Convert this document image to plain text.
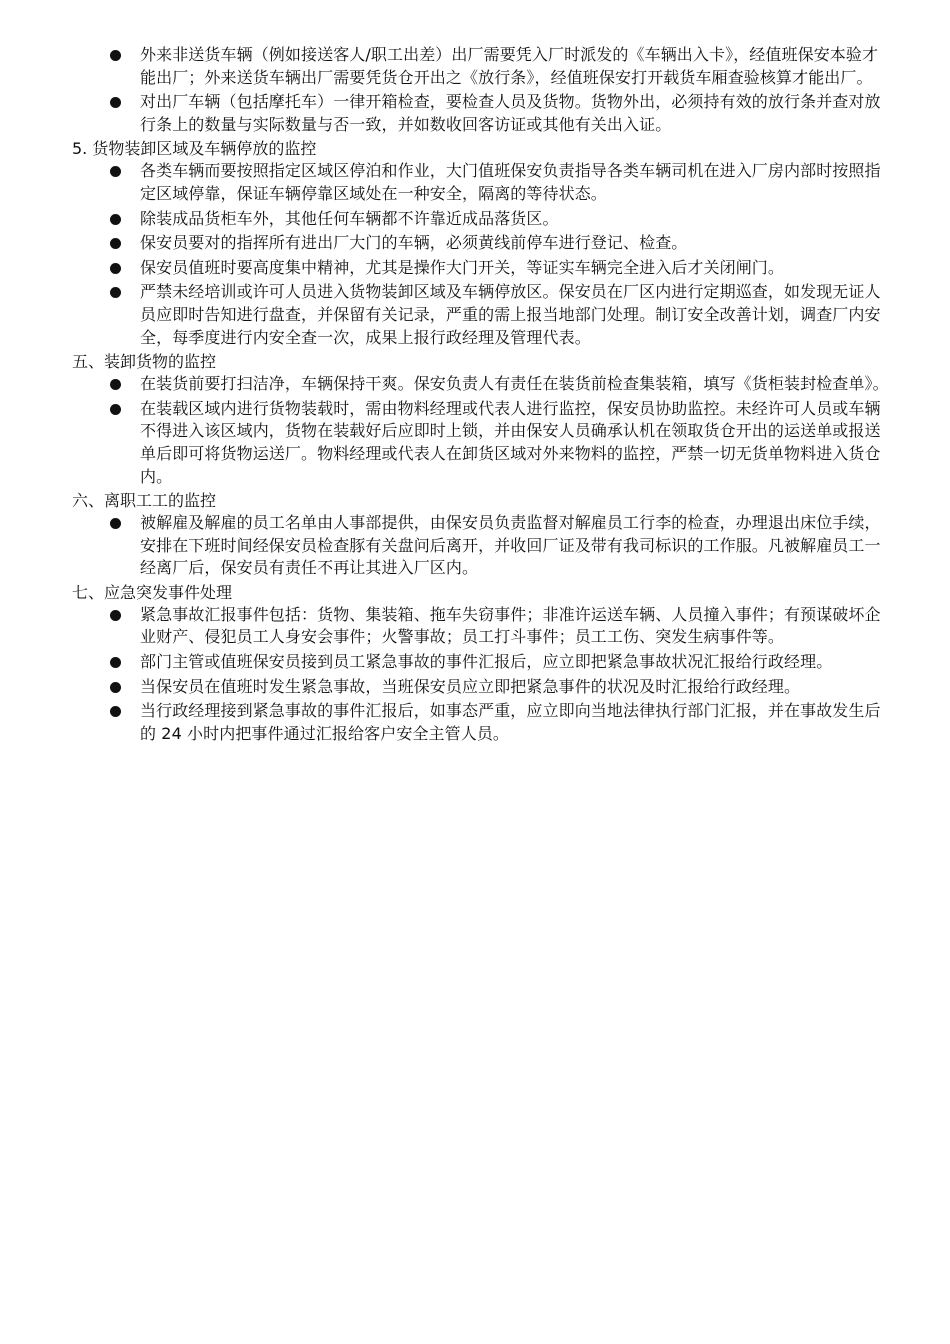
外来非送货车辆（例如接送客人/职工出差）出厂需要凭入厂时派发的《车辆出入卡》，经值班保安本验才能出厂；外来送货车辆出厂需要凭货仓开出之《放行条》，经值班保安打开载货车厢查验核算才能出厂。
对出厂车辆（包括摩托车）一律开箱检查，要检查人员及货物。货物外出，必须持有效的放行条并查对放行条上的数量与实际数量与否一致，并如数收回客访证或其他有关出入证。

5. 货物装卸区域及车辆停放的监控

各类车辆而要按照指定区域区停泊和作业，大门值班保安负责指导各类车辆司机在进入厂房内部时按照指定区域停靠，保证车辆停靠区域处在一种安全，隔离的等待状态。
除装成品货柜车外，其他任何车辆都不许靠近成品落货区。
保安员要对的指挥所有进出厂大门的车辆，必须黄线前停车进行登记、检查。
保安员值班时要高度集中精神，尤其是操作大门开关，等证实车辆完全进入后才关闭闸门。
严禁未经培训或许可人员进入货物装卸区域及车辆停放区。保安员在厂区内进行定期巡查，如发现无证人员应即时告知进行盘查，并保留有关记录，严重的需上报当地部门处理。制订安全改善计划，调查厂内安全，每季度进行内安全查一次，成果上报行政经理及管理代表。

五、装卸货物的监控

在装货前要打扫洁净，车辆保持干爽。保安负责人有责任在装货前检查集装箱，填写《货柜装封检查单》。
在装载区域内进行货物装载时，需由物料经理或代表人进行监控，保安员协助监控。未经许可人员或车辆不得进入该区域内，货物在装载好后应即时上锁，并由保安人员确承认机在领取货仓开出的运送单或报送单后即可将货物运送厂。物料经理或代表人在卸货区域对外来物料的监控，严禁一切无货单物料进入货仓内。

六、离职工工的监控

被解雇及解雇的员工名单由人事部提供，由保安员负责监督对解雇员工行李的检查，办理退出床位手续，安排在下班时间经保安员检查豚有关盘问后离开，并收回厂证及带有我司标识的工作服。凡被解雇员工一经离厂后，保安员有责任不再让其进入厂区内。

七、应急突发事件处理

紧急事故汇报事件包括：货物、集装箱、拖车失窃事件；非准许运送车辆、人员撞入事件；有预谋破坏企业财产、侵犯员工人身安会事件；火警事故；员工打斗事件；员工工伤、突发生病事件等。
部门主管或值班保安员接到员工紧急事故的事件汇报后，应立即把紧急事故状况汇报给行政经理。
当保安员在值班时发生紧急事故，当班保安员应立即把紧急事件的状况及时汇报给行政经理。
当行政经理接到紧急事故的事件汇报后，如事态严重，应立即向当地法律执行部门汇报，并在事故发生后的 24 小时内把事件通过汇报给客户安全主管人员。
